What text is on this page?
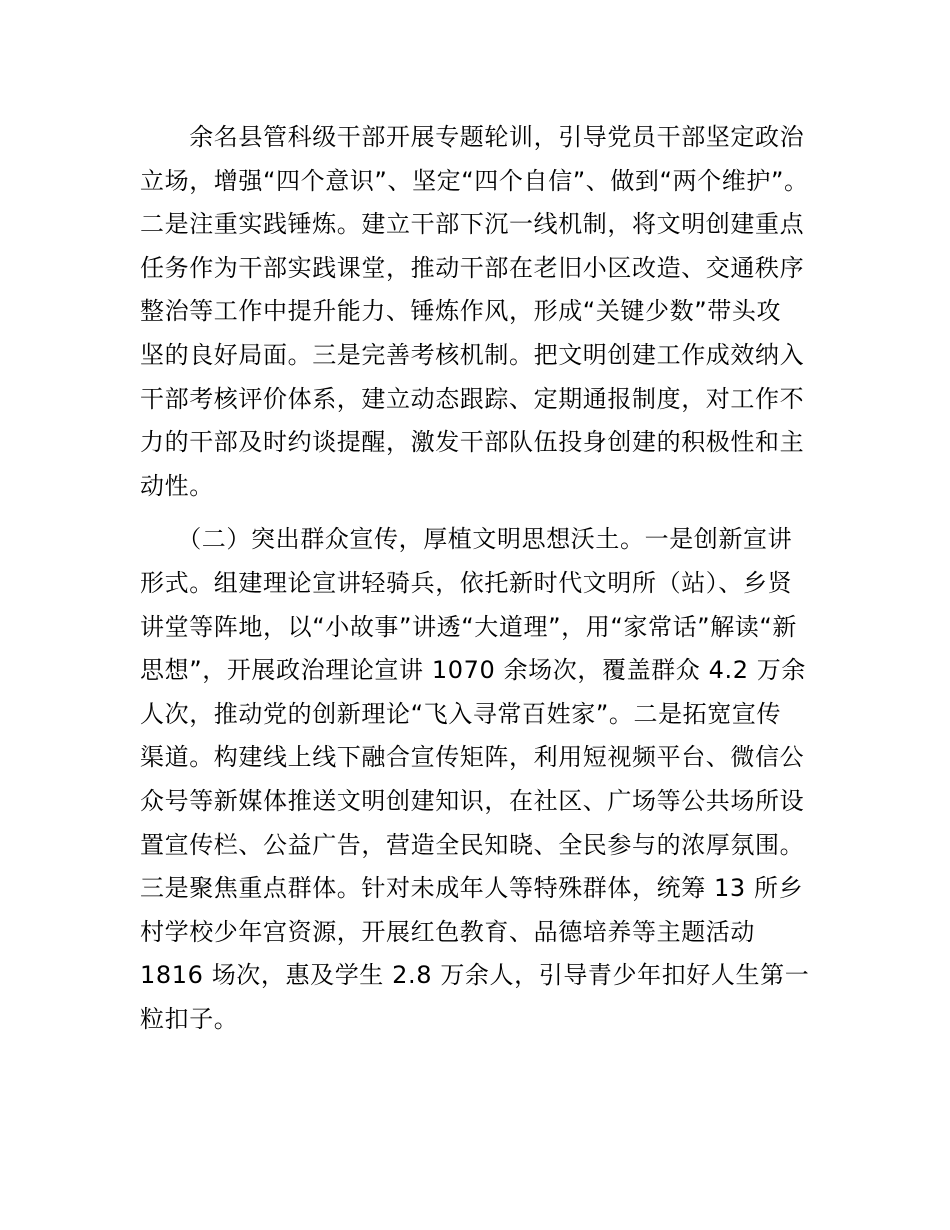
　　余名县管科级干部开展专题轮训，引导党员干部坚定政治
立场，增强“四个意识”、坚定“四个自信”、做到“两个维护”。
二是注重实践锤炼。建立干部下沉一线机制，将文明创建重点
任务作为干部实践课堂，推动干部在老旧小区改造、交通秩序
整治等工作中提升能力、锤炼作风，形成“关键少数”带头攻
坚的良好局面。三是完善考核机制。把文明创建工作成效纳入
干部考核评价体系，建立动态跟踪、定期通报制度，对工作不
力的干部及时约谈提醒，激发干部队伍投身创建的积极性和主
动性。
　　（二）突出群众宣传，厚植文明思想沃土。一是创新宣讲
形式。组建理论宣讲轻骑兵，依托新时代文明所（站）、乡贤
讲堂等阵地，以“小故事”讲透“大道理”，用“家常话”解读“新
思想”，开展政治理论宣讲 1070 余场次，覆盖群众 4.2 万余
人次，推动党的创新理论“飞入寻常百姓家”。二是拓宽宣传
渠道。构建线上线下融合宣传矩阵，利用短视频平台、微信公
众号等新媒体推送文明创建知识，在社区、广场等公共场所设
置宣传栏、公益广告，营造全民知晓、全民参与的浓厚氛围。
三是聚焦重点群体。针对未成年人等特殊群体，统筹 13 所乡
村学校少年宫资源，开展红色教育、品德培养等主题活动
1816 场次，惠及学生 2.8 万余人，引导青少年扣好人生第一
粒扣子。
